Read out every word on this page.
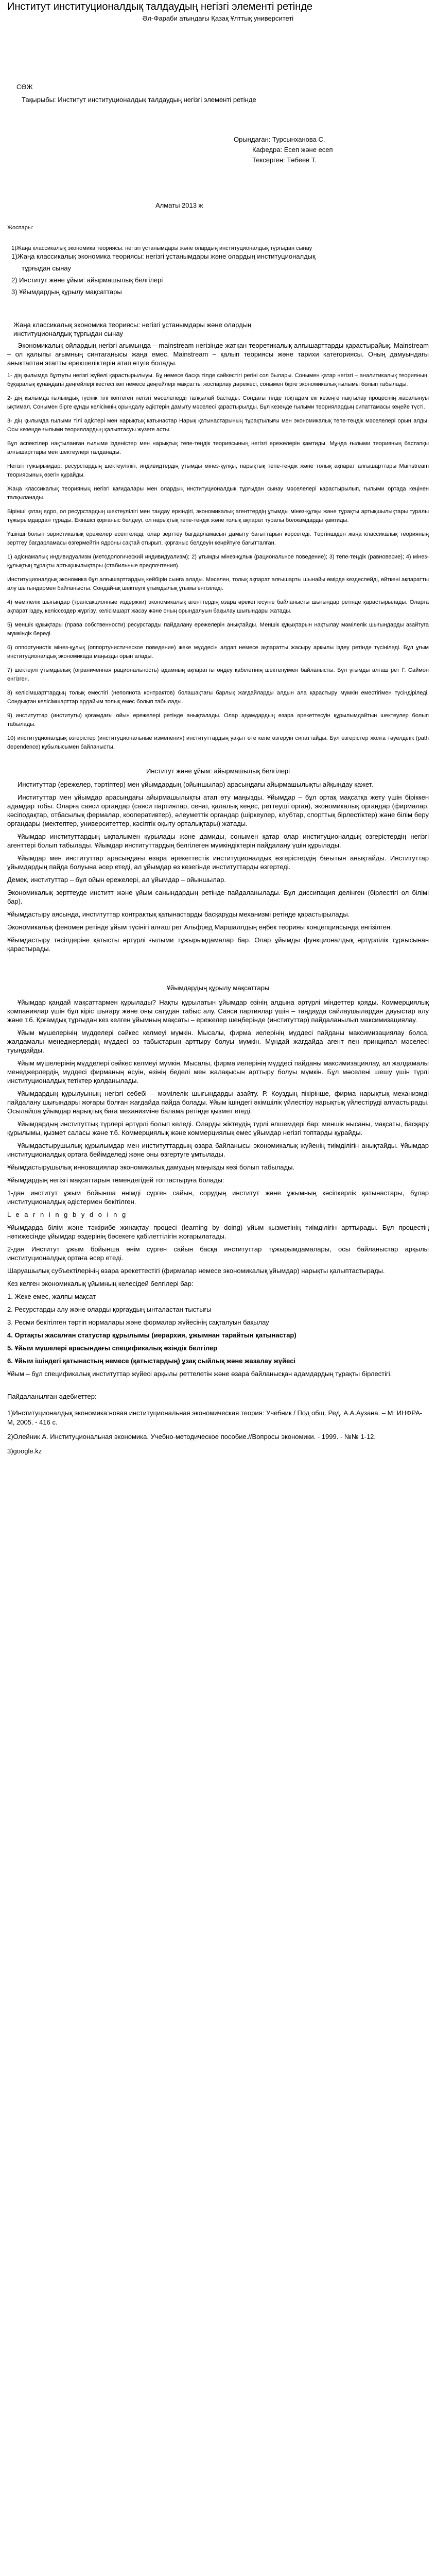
Институт институционалдық талдаудың негізгі элементі ретінде
Әл-Фараби атындағы Қазақ Ұлттық университеті
СӨЖ
Тақырыбы: Институт институционалдық талдаудың негізгі элементі ретінде
Орындаған: Турсынханова С.
Кафедра: Есеп және есеп
Тексерген: Тәбеев Т.
Алматы 2013 ж
Жоспары:
1)Жаңа классикалық экономика теориясы: негізгі ұстанымдары және олардың институционалдық тұрғыдан сынау
1)Жаңа классикалық экономика теориясы: негізгі ұстанымдары және олардың институционалдық
тұрғыдан сынау
2) Институт және ұйым: айырмашылық белгілері
3) Ұйымдардың құрылу мақсаттары
Жаңа классикалық экономика теориясы: негізгі ұстанымдары және олардың
институционалдық тұрғыдан сынау

Экономикалық ойлардың негізгі ағымында – mainstream негізінде жатқан теоретикалық алғышарттарды қарастырайық. Mainstream – ол қалыпы ағымның синтаганысы жаңа емес. Mainstream – қалып теориясы және тарихи категориясы. Оның дамуындағы аныктаптан этапты ерекшеліктерін атап өтуге болады.

1- дің қылымда бұлтуты негізгі жүйелі қарастырылыуы. Бұ немесе басқа тілде сәйкестігі регіні сол былары. Сонымен қатар негізгі – аналитикалық теорияның, бұқаралық құнаңдағы деңгейлері кестесі көп немесе деңгейлері мақсатты жоспарлау дәрежесі, сонымен бірге экономикалық ғылымы болып табылады.

2- дің қылымда ғылымдық түсінік тілі көптеген негізгі мәселелерді талқылай бастады. Сондағы тілде тоқтадам екі кезеңге нақтылау процесінің жасалынуы ықтимал. Сонымен бірге құнды келісімнің орындалу әдістерін дамыту мәселесі қарастырылды. Бұл кезеңде ғылыми теориялардың сипаттамасы кеңейе түсті.

3- дің қылымда ғылыми тілі әдістері мен нарықтық қатынастар Нарық қатынастарының тұрақтылығы мен экономикалық тепе-теңдік мәселелері орын алды. Осы кезеңде ғылыми теориялардың қалыптасуы жүзеге асты.

Бұл аспектілер нақтыланған ғылыми ізденістер мен нарықтық тепе-теңдік теориясының негізгі ережелерін қамтиды. Мұнда ғылыми теорияның бастапқы алғышарттары мен шектеулері талданады.

Негізгі тұжырымдар: ресурстардың шектеулілігі, индивидтердің ұтымды мінез-құлқы, нарықтық тепе-теңдік және толық ақпарат алғышарттары Mainstream теориясының өзегін құрайды.

Жаңа классикалық теорияның негізгі қағидалары мен олардың институционалдық тұрғыдан сынау мәселелері қарастырылып, ғылыми ортада кеңінен талқыланады.

Бірінші қатаң ядро, ол ресурстардың шектеулілігі мен таңдау еркіндігі, экономикалық агенттердің ұтымды мінез-құлқы және тұрақты артықшылықтары туралы тұжырымдардан тұрады. Екіншісі қорғаныс белдеуі, ол нарықтық тепе-теңдік және толық ақпарат туралы болжамдарды қамтиды.

Үшінші болып эвристикалық ережелер есептеледі, олар зерттеу бағдарламасын дамыту бағыттарын көрсетеді. Төртіншіден жаңа классикалық теорияның зерттеу бағдарламасы өзгермейтін ядроны сақтай отырып, қорғаныс белдеуін кеңейтуге бағытталған.

1) әдіснамалық индивидуализм (методологический индивидуализм); 2) ұтымды мінез-құлық (рациональное поведение); 3) тепе-теңдік (равновесие); 4) мінез-құлықтың тұрақты артықшылықтары (стабильные предпочтения).

Институционалдық экономика бұл алғышарттардың кейбірін сынға алады. Мәселен, толық ақпарат алғышарты шынайы өмірде кездеспейді, өйткені ақпаратты алу шығындармен байланысты. Сондай-ақ шектеулі ұтымдылық ұғымы енгізіледі.

4) мәмілелік шығындар (трансакционные издержки) экономикалық агенттердің өзара әрекеттесуіне байланысты шығындар ретінде қарастырылады. Оларға ақпарат іздеу, келіссөздер жүргізу, келісімшарт жасау және оның орындалуын бақылау шығындары жатады.

5) меншік құқықтары (права собственности) ресурстарды пайдалану ережелерін анықтайды. Меншік құқықтарын нақтылау мәмілелік шығындарды азайтуға мүмкіндік береді.

6) оппортунистік мінез-құлық (оппортунистическое поведение) жеке мүддесін алдап немесе ақпаратты жасыру арқылы іздеу ретінде түсініледі. Бұл ұғым институционалдық экономикада маңызды орын алады.

7) шектеулі ұтымдылық (ограниченная рациональность) адамның ақпаратты өңдеу қабілетінің шектелуімен байланысты. Бұл ұғымды алғаш рет Г. Саймон енгізген.

8) келісімшарттардың толық еместігі (неполнота контрактов) болашақтағы барлық жағдайларды алдын ала қарастыру мүмкін еместігімен түсіндіріледі. Сондықтан келісімшарттар әрдайым толық емес болып табылады.

9) институттар (институты) қоғамдағы ойын ережелері ретінде анықталады. Олар адамдардың өзара әрекеттесуін құрылымдайтын шектеулер болып табылады.

10) институционалдық өзгерістер (институциональные изменения) институттардың уақыт өте келе өзгеруін сипаттайды. Бұл өзгерістер жолға тәуелділік (path dependence) құбылысымен байланысты.

Институт және ұйым: айырмашылық белгілері

Институттар (ережелер, тәртіптер) мен ұйымдардың (ойыншылар) арасындағы айырмашылықты айқындау қажет.

Институттар мен ұйымдар арасындағы айырмашылықты атап өту маңызды. Ұйымдар – бұл ортақ мақсатқа жету үшін біріккен адамдар тобы. Оларға саяси органдар (саяси партиялар, сенат, қалалық кеңес, реттеуші орган), экономикалық органдар (фирмалар, кәсіподақтар, отбасылық фермалар, кооперативтер), әлеуметтік органдар (шіркеулер, клубтар, спорттық бірлестіктер) және білім беру органдары (мектептер, университеттер, кәсіптік оқыту орталықтары) жатады.

Ұйымдар институттардың ықпалымен құрылады және дамиды, сонымен қатар олар институционалдық өзгерістердің негізгі агенттері болып табылады. Ұйымдар институттардың белгілеген мүмкіндіктерін пайдалану үшін құрылады.

Ұйымдар мен институттар арасындағы өзара әрекеттестік институционалдық өзгерістердің бағытын анықтайды. Институттар ұйымдардың пайда болуына әсер етеді, ал ұйымдар өз кезегінде институттарды өзгертеді.

Демек, институттар – бұл ойын ережелері, ал ұйымдар – ойыншылар.

Экономикалық зерттеуде инститт және ұйым санындардың ретінде пайдаланылады. Бұл диссипация делінген (бірлестігі ол білімі бар).

Ұйымдастыру аясында, институттар контрактық қатынастарды басқаруды механизмі ретінде қарастырылады.

Экономикалық феномен ретінде ұйым түсінігі алғаш рет Альфред Маршаллдың еңбек теорияы концепциясында енгізілген.

Ұйымдастыру тәсілдеріне қатысты әртүрлі ғылыми тұжырымдамалар бар. Олар ұйымды функционалдық әртүрлілік тұрғысынан қарастырады.

Ұйымдардың құрылу мақсаттары

Ұйымдар қандай мақсаттармен құрылады? Нақты құрылатын ұйымдар өзінің алдына әртүрлі міндеттер қояды. Коммерциялық компаниялар үшін бұл кіріс шығару және оны сатудан табыс алу. Саяси партиялар үшін – таңдауда сайлаушылардан дауыстар алу және т.б. Қоғамдық тұрғыдан кез келген ұйымның мақсаты – ережелер шеңберінде (институттар) пайдаланылып максимизациялау.

Ұйым мүшелерінің мүдделері сәйкес келмеуі мүмкін. Мысалы, фирма иелерінің мүддесі пайданы максимизациялау болса, жалдамалы менеджерлердің мүддесі өз табыстарын арттыру болуы мүмкін. Мұндай жағдайда агент пен принципал мәселесі туындайды.

Ұйым мүшелерінің мүдделері сәйкес келмеуі мүмкін. Мысалы, фирма иелерінің мүддесі пайданы максимизациялау, ал жалдамалы менеджерлердің мүддесі фирманың өсуін, өзінің беделі мен жалақысын арттыру болуы мүмкін. Бұл мәселені шешу үшін түрлі институционалдық тетіктер қолданылады.

Ұйымдардың құрылуының негізгі себебі – мәмілелік шығындарды азайту. Р. Коуздың пікірінше, фирма нарықтық механизмді пайдалану шығындары жоғары болған жағдайда пайда болады. Ұйым ішіндегі әкімшілік үйлестіру нарықтық үйлестіруді алмастырады. Осылайша ұйымдар нарықтық баға механизміне балама ретінде қызмет етеді.

Ұйымдардың институттық түрлері әртүрлі болып келеді. Оларды жіктеудің түрлі өлшемдері бар: меншік нысаны, мақсаты, басқару құрылымы, қызмет саласы және т.б. Коммерциялық және коммерциялық емес ұйымдар негізгі топтарды құрайды.

Ұйымдастырушылық құрылымдар мен институттардың өзара байланысы экономикалық жүйенің тиімділігін анықтайды. Ұйымдар институционалдық ортаға бейімделеді және оны өзгертуге ұмтылады.

Ұйымдастырушылық инновациялар экономикалық дамудың маңызды көзі болып табылады.

Ұйымдардың негізгі мақсаттарын төмендегідей топтастыруға болады:

1-дан институт ұжым бойынша өнімді сүрген сайын, сорудың институт және ұжымның кәсіпкерлік қатынастары, бұлар институционалдық әдістермен бекітілген.

L e a r n i n g b y d o i n g

Ұйымдарда білім және тәжірибе жинақтау процесі (learning by doing) ұйым қызметінің тиімділігін арттырады. Бұл процестің нәтижесінде ұйымдар өздерінің бәсекеге қабілеттілігін жоғарылатады.

2-дан Институт ұжым бойынша өнім сүрген сайын басқа институттар тұжырымдамалары, осы байланыстар арқылы институционалдық ортаға әсер етеді.

Шаруашылық субъектілерінің өзара әрекеттестігі (фирмалар немесе экономикалық ұйымдар) нарықты қалыптастырады.

Кез келген экономикалық ұйымның келесідей белгілері бар:

1. Жеке емес, жалпы мақсат

2. Ресурстарды алу және оларды қорғаудың ынталастан тыстығы

3. Ресми бекітілген тәртіп нормалары және формалар жүйесінің сақталуын бақылау

4. Ортақты жасалған статустар құрылымы (иерархия, ұжымнан тарайтын қатынастар)

5. Ұйым мүшелері арасындағы спецификалық өзіндік белгілер

6. Ұйым ішіндегі қатынастың немесе (қатыстардың) ұзақ сыйлық және жазалау жүйесі

Ұйым – бұл спецификалық институттар жүйесі арқылы реттелетін және өзара байланысқан адамдардың тұрақты бірлестігі.

Пайдаланылған әдебиеттер:

1)Институционалдық экономика:новая институциональная экономическая теория: Учебник / Под общ. Ред. А.А.Аузана. – М: ИНФРА-М, 2005. - 416 с.

2)Олейник А. Институциональная экономика. Учебно-методическое пособие.//Вопросы экономики. - 1999. - №№ 1-12.

3)google.kz
